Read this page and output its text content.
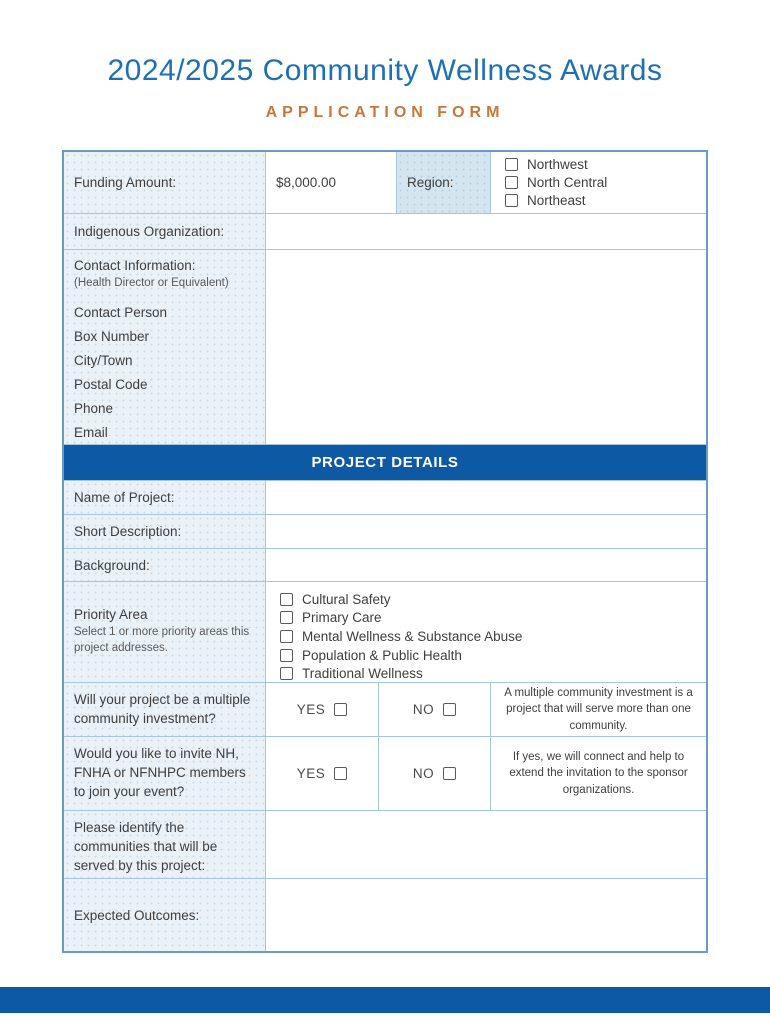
2024/2025 Community Wellness Awards
APPLICATION FORM
Funding Amount:	$8,000.00	Region:
Northwest
North Central
Northeast
Indigenous Organization:
Contact Information:
(Health Director or Equivalent)
Contact Person
Box Number
City/Town
Postal Code
Phone
Email
PROJECT DETAILS
Name of Project:
Short Description:
Background:
Priority Area
Select 1 or more priority areas this project addresses.
Cultural Safety
Primary Care
Mental Wellness & Substance Abuse
Population & Public Health
Traditional Wellness
Will your project be a multiple community investment?
YES	NO
A multiple community investment is a project that will serve more than one community.
Would you like to invite NH, FNHA or NFNHPC members to join your event?
YES	NO
If yes, we will connect and help to extend the invitation to the sponsor organizations.
Please identify the communities that will be served by this project:
Expected Outcomes:
